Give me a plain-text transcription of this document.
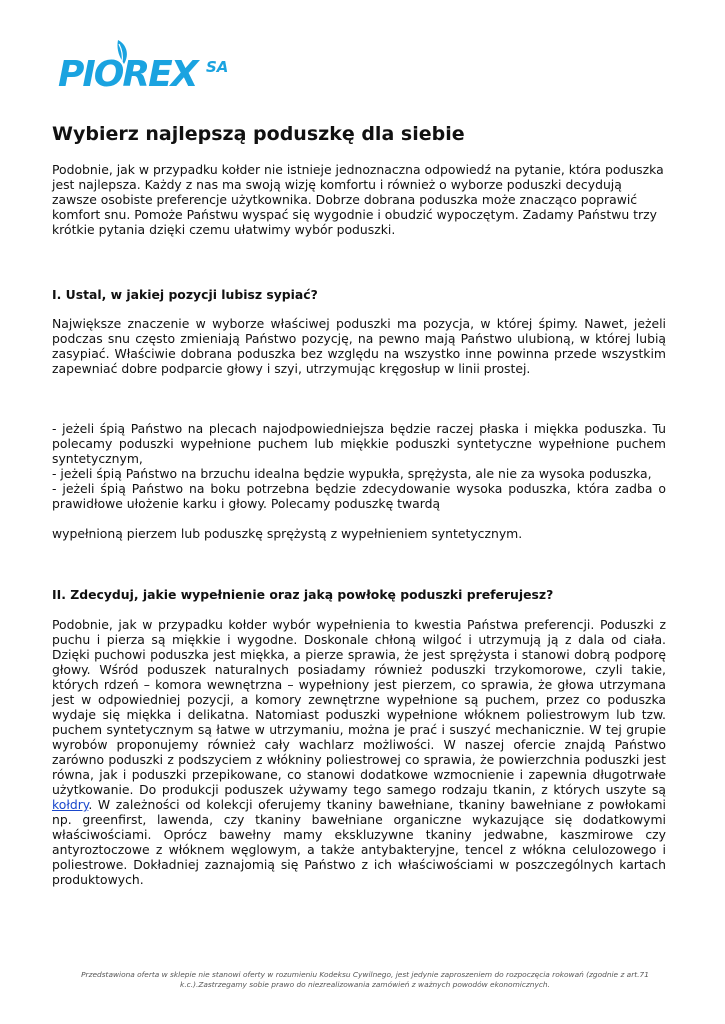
PIOREX SA
Wybierz najlepszą poduszkę dla siebie

Podobnie, jak w przypadku kołder nie istnieje jednoznaczna odpowiedź na pytanie, która poduszka jest najlepsza. Każdy z nas ma swoją wizję komfortu i również o wyborze poduszki decydują zawsze osobiste preferencje użytkownika. Dobrze dobrana poduszka może znacząco poprawić komfort snu. Pomoże Państwu wyspać się wygodnie i obudzić wypoczętym. Zadamy Państwu trzy krótkie pytania dzięki czemu ułatwimy wybór poduszki.

I. Ustal, w jakiej pozycji lubisz sypiać?

Największe znaczenie w wyborze właściwej poduszki ma pozycja, w której śpimy. Nawet, jeżeli podczas snu często zmieniają Państwo pozycję, na pewno mają Państwo ulubioną, w której lubią zasypiać. Właściwie dobrana poduszka bez względu na wszystko inne powinna przede wszystkim zapewniać dobre podparcie głowy i szyi, utrzymując kręgosłup w linii prostej.

- jeżeli śpią Państwo na plecach najodpowiedniejsza będzie raczej płaska i miękka poduszka. Tu polecamy poduszki wypełnione puchem lub miękkie poduszki syntetyczne wypełnione puchem syntetycznym,

- jeżeli śpią Państwo na brzuchu idealna będzie wypukła, sprężysta, ale nie za wysoka poduszka,

- jeżeli śpią Państwo na boku potrzebna będzie zdecydowanie wysoka poduszka, która zadba o prawidłowe ułożenie karku i głowy. Polecamy poduszkę twardą

wypełnioną pierzem lub poduszkę sprężystą z wypełnieniem syntetycznym.

II. Zdecyduj, jakie wypełnienie oraz jaką powłokę poduszki preferujesz?

Podobnie, jak w przypadku kołder wybór wypełnienia to kwestia Państwa preferencji. Poduszki z puchu i pierza są miękkie i wygodne. Doskonale chłoną wilgoć i utrzymują ją z dala od ciała. Dzięki puchowi poduszka jest miękka, a pierze sprawia, że jest sprężysta i stanowi dobrą podporę głowy. Wśród poduszek naturalnych posiadamy również poduszki trzykomorowe, czyli takie, których rdzeń – komora wewnętrzna – wypełniony jest pierzem, co sprawia, że głowa utrzymana jest w odpowiedniej pozycji, a komory zewnętrzne wypełnione są puchem, przez co poduszka wydaje się miękka i delikatna. Natomiast poduszki wypełnione włóknem poliestrowym lub tzw. puchem syntetycznym są łatwe w utrzymaniu, można je prać i suszyć mechanicznie. W tej grupie wyrobów proponujemy również cały wachlarz możliwości. W naszej ofercie znajdą Państwo zarówno poduszki z podszyciem z włókniny poliestrowej co sprawia, że powierzchnia poduszki jest równa, jak i poduszki przepikowane, co stanowi dodatkowe wzmocnienie i zapewnia długotrwałe użytkowanie. Do produkcji poduszek używamy tego samego rodzaju tkanin, z których uszyte są kołdry. W zależności od kolekcji oferujemy tkaniny bawełniane, tkaniny bawełniane z powłokami np. greenfirst, lawenda, czy tkaniny bawełniane organiczne wykazujące się dodatkowymi właściwościami. Oprócz bawełny mamy ekskluzywne tkaniny jedwabne, kaszmirowe czy antyroztoczowe z włóknem węglowym, a także antybakteryjne, tencel z włókna celulozowego i poliestrowe. Dokładniej zaznajomią się Państwo z ich właściwościami w poszczególnych kartach produktowych.

Przedstawiona oferta w sklepie nie stanowi oferty w rozumieniu Kodeksu Cywilnego, jest jedynie zaproszeniem do rozpoczęcia rokowań (zgodnie z art.71 k.c.).Zastrzegamy sobie prawo do niezrealizowania zamówień z ważnych powodów ekonomicznych.
